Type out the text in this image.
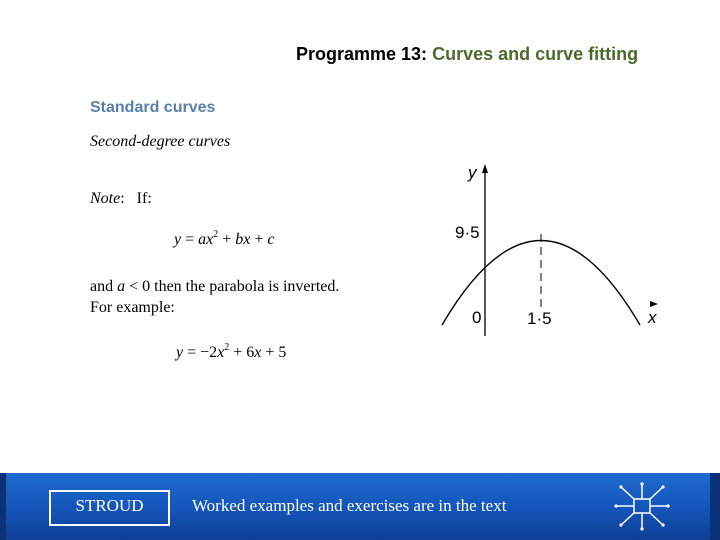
Programme 13: Curves and curve fitting
Standard curves
Second-degree curves
Note: If:
$y = ax^2$ + bx + c
and a < 0 then the parabola is inverted.
For example:
$y = -2x^2 + 6x + 5$
y
x
9·5
0	1·5
STROUD	Worked examples and exercises are in the text
